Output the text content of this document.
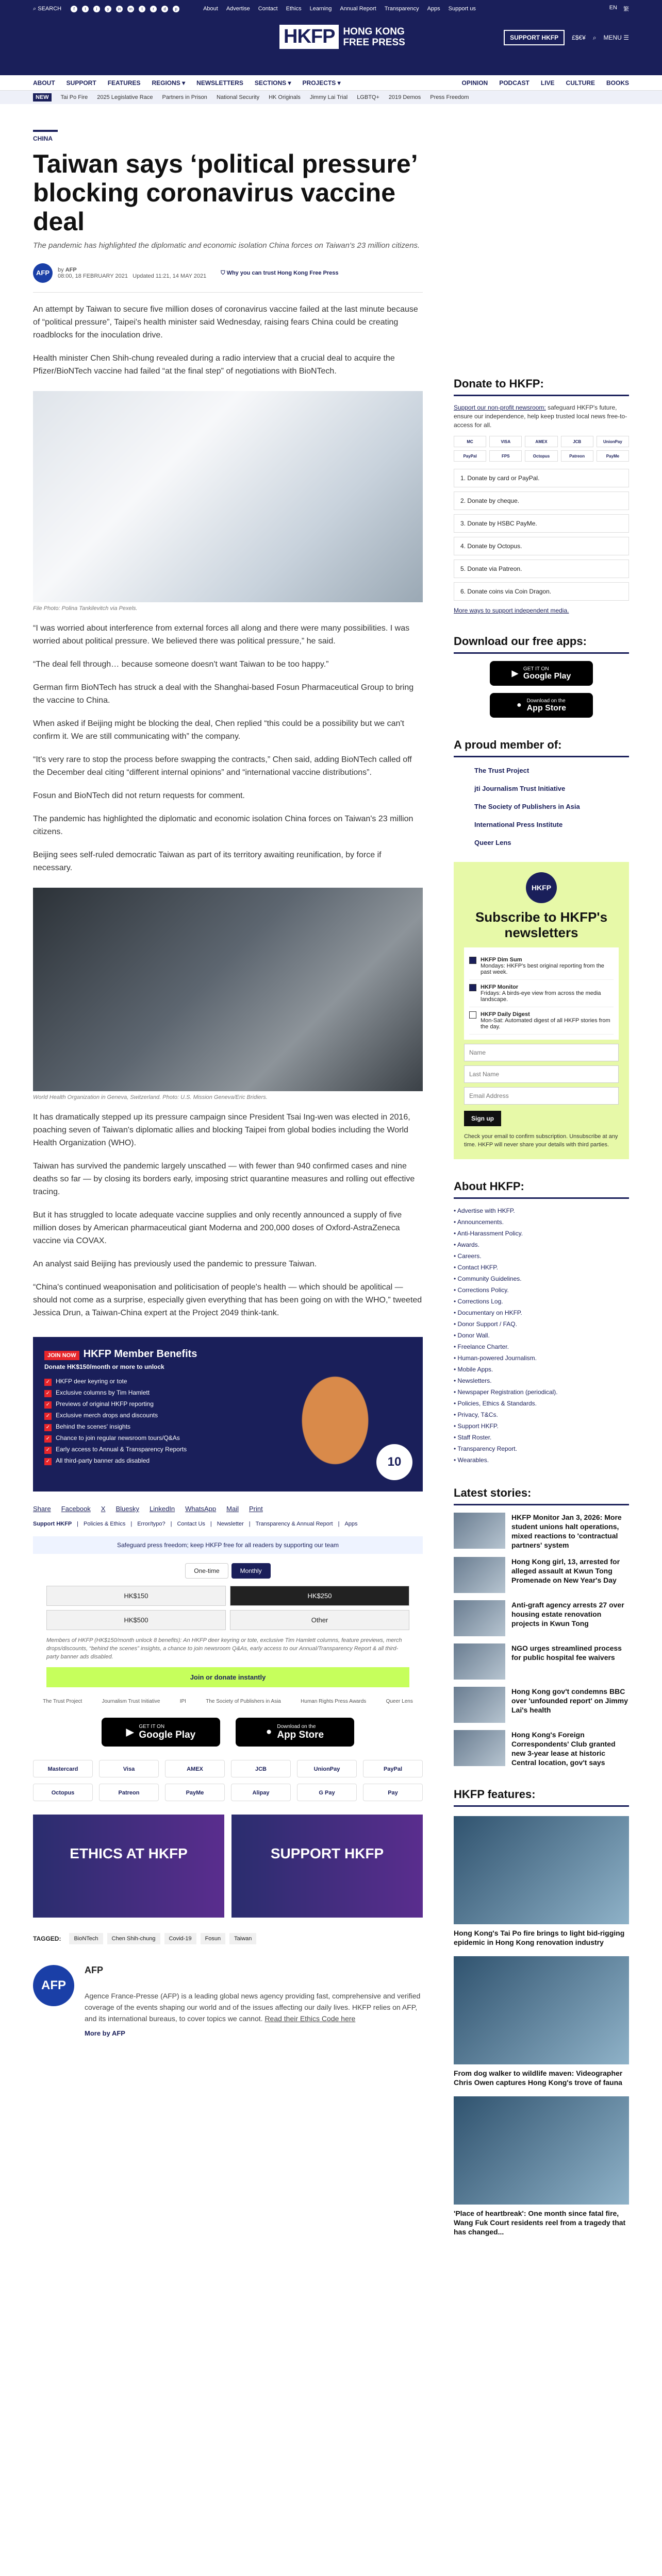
⌕ SEARCH	f	t	i	y	in	m	t	r	d	p	About Advertise Contact Ethics Learning Annual Report Transparency Apps Support us	EN 繁
HKFP HONG KONG
FREE PRESS	SUPPORT HKFP	£$€¥ ⌕ MENU ☰
ABOUT SUPPORT FEATURES REGIONS ▾ NEWSLETTERS SECTIONS ▾ PROJECTS ▾	OPINION PODCAST LIVE CULTURE BOOKS
NEW	Tai Po Fire 2025 Legislative Race Partners in Prison National Security HK Originals Jimmy Lai Trial LGBTQ+ 2019 Demos Press Freedom
CHINA
Taiwan says ‘political pressure’ blocking coronavirus vaccine deal
The pandemic has highlighted the diplomatic and economic isolation China forces on Taiwan's 23 million citizens.
AFP	by AFP
08:00, 18 FEBRUARY 2021 Updated 11:21, 14 MAY 2021
⛉ Why you can trust Hong Kong Free Press

An attempt by Taiwan to secure five million doses of coronavirus vaccine failed at the last minute because of “political pressure”, Taipei's health minister said Wednesday, raising fears China could be creating roadblocks for the inoculation drive.

Health minister Chen Shih-chung revealed during a radio interview that a crucial deal to acquire the Pfizer/BioNTech vaccine had failed “at the final step” of negotiations with BioNTech.

File Photo: Polina Tankilevitch via Pexels.

“I was worried about interference from external forces all along and there were many possibilities. I was worried about political pressure. We believed there was political pressure,” he said.

“The deal fell through… because someone doesn't want Taiwan to be too happy.”

German firm BioNTech has struck a deal with the Shanghai-based Fosun Pharmaceutical Group to bring the vaccine to China.

When asked if Beijing might be blocking the deal, Chen replied “this could be a possibility but we can't confirm it. We are still communicating with” the company.

“It's very rare to stop the process before swapping the contracts,” Chen said, adding BioNTech called off the December deal citing “different internal opinions” and “international vaccine distributions”.

Fosun and BioNTech did not return requests for comment.

The pandemic has highlighted the diplomatic and economic isolation China forces on Taiwan's 23 million citizens.

Beijing sees self-ruled democratic Taiwan as part of its territory awaiting reunification, by force if necessary.

World Health Organization in Geneva, Switzerland. Photo: U.S. Mission Geneva/Eric Bridiers.

It has dramatically stepped up its pressure campaign since President Tsai Ing-wen was elected in 2016, poaching seven of Taiwan's diplomatic allies and blocking Taipei from global bodies including the World Health Organization (WHO).

Taiwan has survived the pandemic largely unscathed — with fewer than 940 confirmed cases and nine deaths so far — by closing its borders early, imposing strict quarantine measures and rolling out effective tracing.

But it has struggled to locate adequate vaccine supplies and only recently announced a supply of five million doses by American pharmaceutical giant Moderna and 200,000 doses of Oxford-AstraZeneca vaccine via COVAX.

An analyst said Beijing has previously used the pandemic to pressure Taiwan.

“China's continued weaponisation and politicisation of people's health — which should be apolitical — should not come as a surprise, especially given everything that has been going on with the WHO,” tweeted Jessica Drun, a Taiwan-China expert at the Project 2049 think-tank.

JOIN NOW HKFP Member Benefits
Donate HK$150/month or more to unlock
✓ HKFP deer keyring or tote
✓ Exclusive columns by Tim Hamlett
✓ Previews of original HKFP reporting
✓ Exclusive merch drops and discounts
✓ Behind the scenes' insights
✓ Chance to join regular newsroom tours/Q&As
✓ Early access to Annual & Transparency Reports
✓ All third-party banner ads disabled	10
Share Facebook X Bluesky LinkedIn WhatsApp Mail Print
Support HKFP | Policies & Ethics | Error/typo? | Contact Us | Newsletter | Transparency & Annual Report | Apps
Safeguard press freedom; keep HKFP free for all readers by supporting our team
One-time	Monthly
HK$150	HK$250
HK$500	Other
Members of HKFP (HK$150/month unlock 8 benefits): An HKFP deer keyring or tote, exclusive Tim Hamlett columns, feature previews, merch drops/discounts, “behind the scenes” insights, a chance to join newsroom Q&As, early access to our Annual/Transparency Report & all third-party banner ads disabled.
Join or donate instantly
The Trust Project	Journalism Trust Initiative	IPI	The Society of Publishers in Asia	Human Rights Press Awards	Queer Lens
▶
GET IT ON
Google Play	● Download on the
App Store
Mastercard	Visa	AMEX	JCB	UnionPay	PayPal
Octopus	Patreon	PayMe	Alipay	G Pay	Pay
ETHICS AT HKFP	SUPPORT HKFP
TAGGED:	BioNTech	Chen Shih-chung	Covid-19	Fosun	Taiwan
AFP
AFP
Agence France-Presse (AFP) is a leading global news agency providing fast, comprehensive and verified coverage of the events shaping our world and of the issues affecting our daily lives. HKFP relies on AFP, and its international bureaus, to cover topics we cannot. Read their Ethics Code here
More by AFP
Donate to HKFP:

Support our non-profit newsroom: safeguard HKFP's future, ensure our independence, help keep trusted local news free-to-access for all.

MC	VISA	AMEX	JCB	UnionPay
PayPal	FPS	Octopus	Patreon	PayMe
1. Donate by card or PayPal.
2. Donate by cheque.
3. Donate by HSBC PayMe.
4. Donate by Octopus.
5. Donate via Patreon.
6. Donate coins via Coin Dragon.
More ways to support independent media.
Download our free apps:
▶
GET IT ON
Google Play
● Download on the
App Store
A proud member of:
The Trust Project
jti Journalism Trust Initiative
The Society of Publishers in Asia
International Press Institute
Queer Lens
HKFP
Subscribe to HKFP's newsletters
HKFP Dim Sum
Mondays: HKFP's best original reporting from the past week.
HKFP Monitor
Fridays: A birds-eye view from across the media landscape.
HKFP Daily Digest
Mon-Sat: Automated digest of all HKFP stories from the day.
Name Last Name Email Address Sign up
Check your email to confirm subscription. Unsubscribe at any time. HKFP will never share your details with third parties.
About HKFP:
• Advertise with HKFP.
• Announcements.
• Anti-Harassment Policy.
• Awards.
• Careers.
• Contact HKFP.
• Community Guidelines.
• Corrections Policy.
• Corrections Log.
• Documentary on HKFP.
• Donor Support / FAQ.
• Donor Wall.
• Freelance Charter.
• Human-powered Journalism.
• Mobile Apps.
• Newsletters.
• Newspaper Registration (periodical).
• Policies, Ethics & Standards.
• Privacy, T&Cs.
• Support HKFP.
• Staff Roster.
• Transparency Report.
• Wearables.
Latest stories:
HKFP Monitor Jan 3, 2026: More student unions halt operations, mixed reactions to 'contractual partners' system
Hong Kong girl, 13, arrested for alleged assault at Kwun Tong Promenade on New Year's Day
Anti-graft agency arrests 27 over housing estate renovation projects in Kwun Tong
NGO urges streamlined process for public hospital fee waivers
Hong Kong gov't condemns BBC over 'unfounded report' on Jimmy Lai's health
Hong Kong's Foreign Correspondents' Club granted new 3-year lease at historic Central location, gov't says
HKFP features:
Hong Kong's Tai Po fire brings to light bid-rigging epidemic in Hong Kong renovation industry
From dog walker to wildlife maven: Videographer Chris Owen captures Hong Kong's trove of fauna
'Place of heartbreak': One month since fatal fire, Wang Fuk Court residents reel from a tragedy that has changed...
